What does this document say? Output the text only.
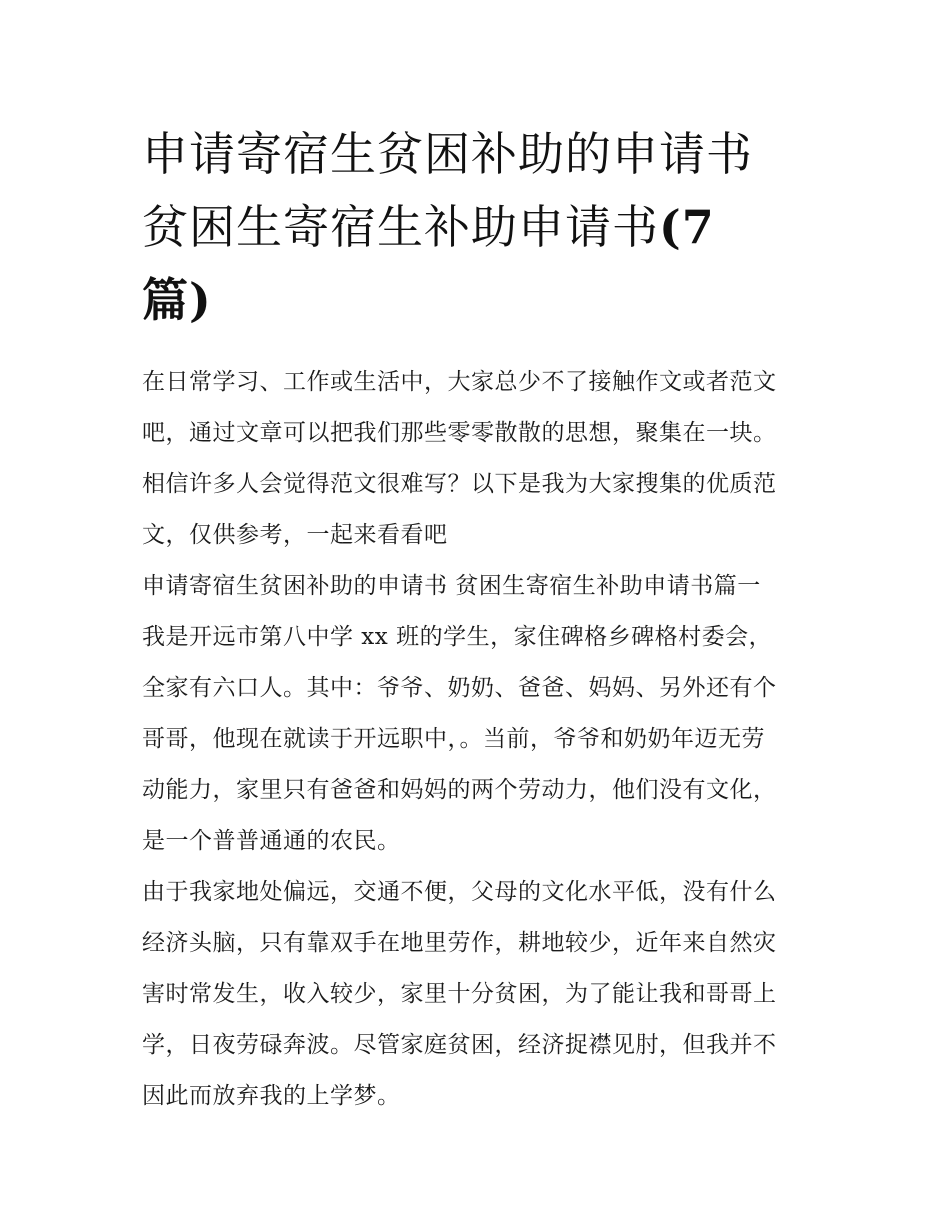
申请寄宿生贫困补助的申请书
贫困生寄宿生补助申请书(7
篇)

在日常学习、工作或生活中，大家总少不了接触作文或者范文
吧，通过文章可以把我们那些零零散散的思想，聚集在一块。
相信许多人会觉得范文很难写？以下是我为大家搜集的优质范
文，仅供参考，一起来看看吧

申请寄宿生贫困补助的申请书 贫困生寄宿生补助申请书篇一

我是开远市第八中学 xx 班的学生，家住碑格乡碑格村委会，
全家有六口人。其中：爷爷、奶奶、爸爸、妈妈、另外还有个
哥哥，他现在就读于开远职中，。当前，爷爷和奶奶年迈无劳
动能力，家里只有爸爸和妈妈的两个劳动力，他们没有文化，
是一个普普通通的农民。

由于我家地处偏远，交通不便，父母的文化水平低，没有什么
经济头脑，只有靠双手在地里劳作，耕地较少，近年来自然灾
害时常发生，收入较少，家里十分贫困，为了能让我和哥哥上
学，日夜劳碌奔波。尽管家庭贫困，经济捉襟见肘，但我并不
因此而放弃我的上学梦。
